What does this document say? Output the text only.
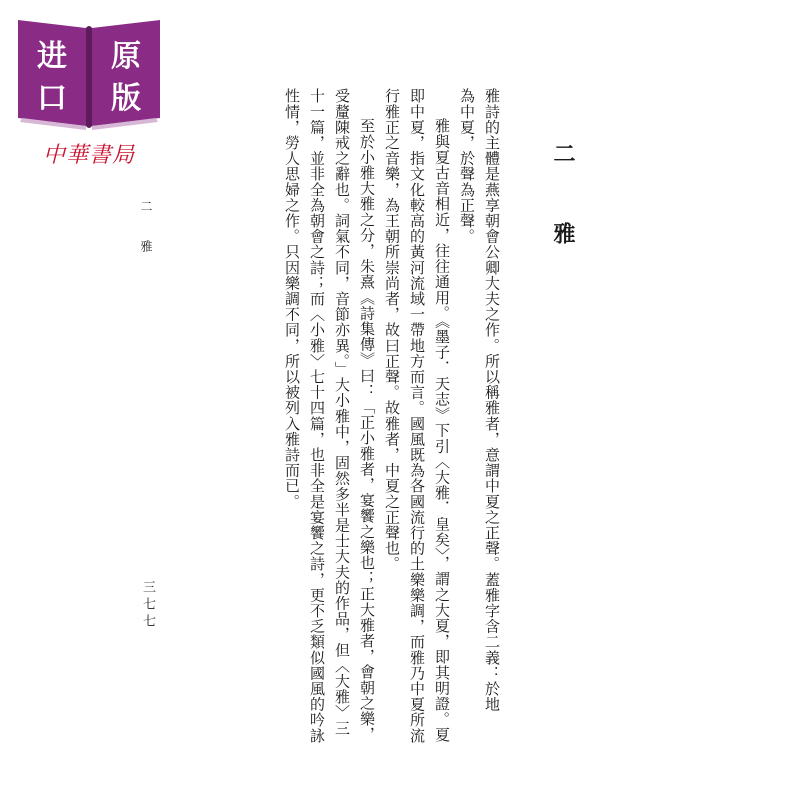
进 原
口 版
中華書局	二　雅
二　雅
三七七	雅詩的主體是燕享朝會公卿大夫之作。所以稱雅者，意謂中夏之正聲。蓋雅字含二義：於地
為中夏，於聲為正聲。
雅與夏古音相近，往往通用。《墨子．天志》下引〈大雅．皇矣〉，謂之大夏，即其明證。夏
即中夏，指文化較高的黃河流域一帶地方而言。國風既為各國流行的土樂樂調，而雅乃中夏所流
行雅正之音樂，為王朝所崇尚者，故曰正聲。故雅者，中夏之正聲也。
至於小雅大雅之分，朱熹《詩集傳》曰：「正小雅者，宴饗之樂也；正大雅者，會朝之樂，
受釐陳戒之辭也。詞氣不同，音節亦異。」大小雅中，固然多半是士大夫的作品，但〈大雅〉三
十一篇，並非全為朝會之詩；而〈小雅〉七十四篇，也非全是宴饗之詩，更不乏類似國風的吟詠
性情，勞人思婦之作。只因樂調不同，所以被列入雅詩而已。
